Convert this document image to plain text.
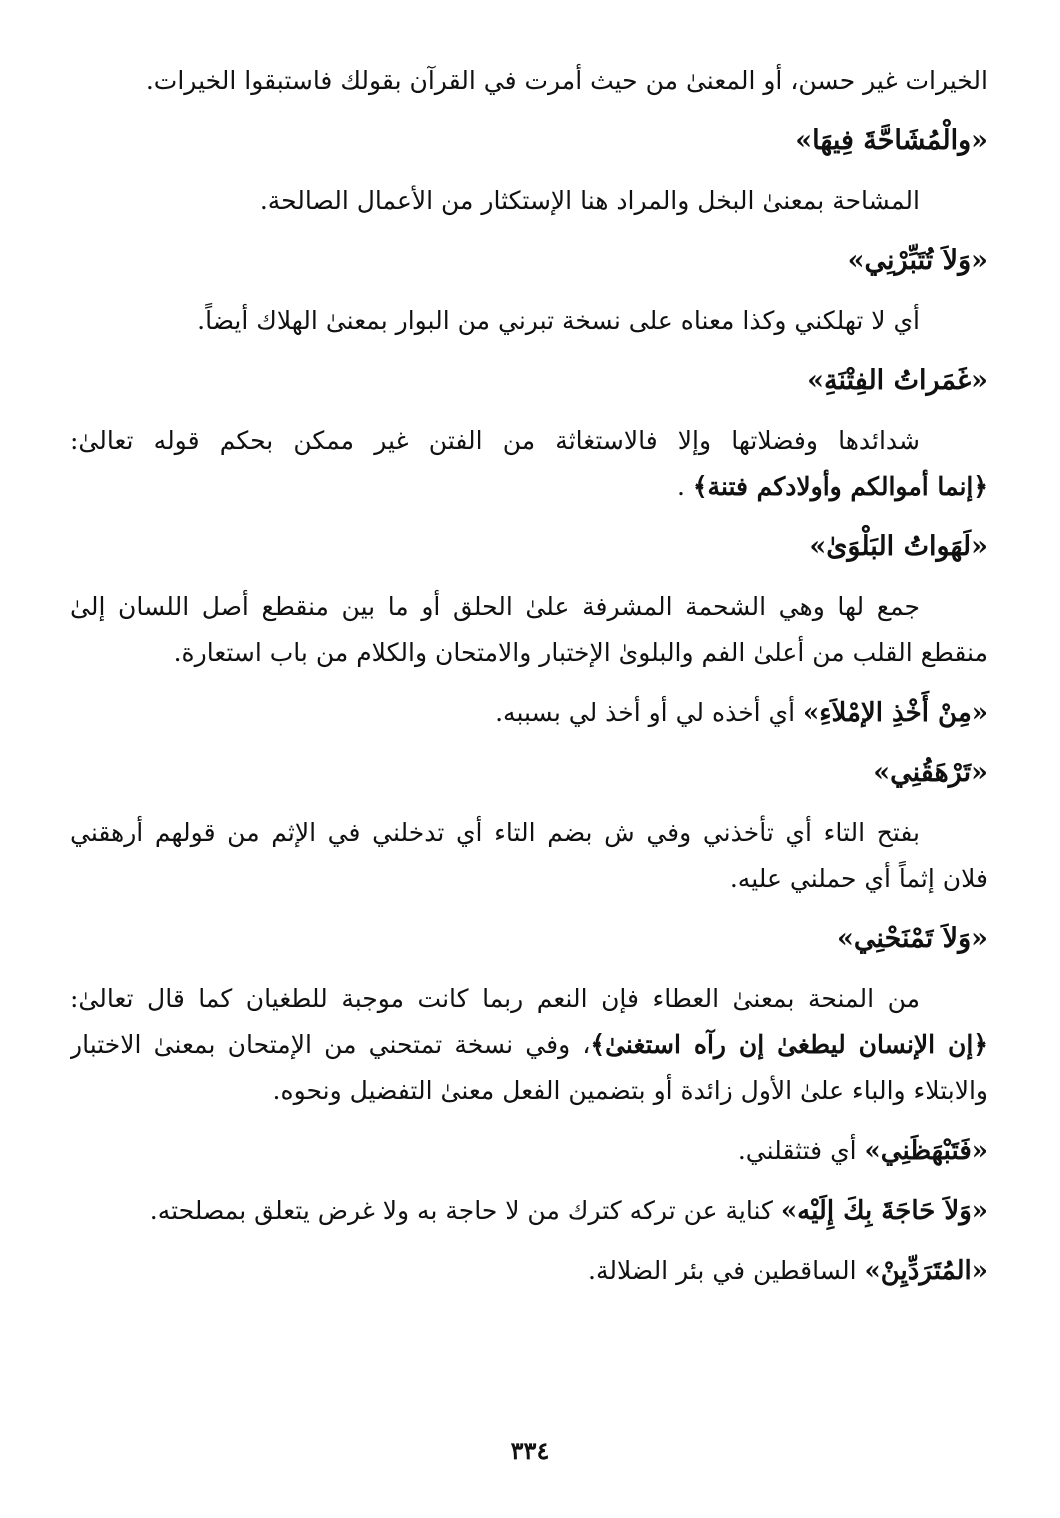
الخيرات غير حسن، أو المعنىٰ من حيث أمرت في القرآن بقولك فاستبقوا الخيرات.
«والْمُشَاحَّةَ فِيهَا»
المشاحة بمعنىٰ البخل والمراد هنا الإستكثار من الأعمال الصالحة.
«وَلاَ تُتَبِّرْنِي»
أي لا تهلكني وكذا معناه على نسخة تبرني من البوار بمعنىٰ الهلاك أيضاً.
«غَمَراتُ الفِتْنَةِ»
شدائدها وفضلاتها وإلا فالاستغاثة من الفتن غير ممكن بحكم قوله تعالىٰ:
﴿إنما أموالكم وأولادكم فتنة﴾ .
«لَهَواتُ البَلْوَىٰ»
جمع لها وهي الشحمة المشرفة علىٰ الحلق أو ما بين منقطع أصل اللسان إلىٰ
منقطع القلب من أعلىٰ الفم والبلوىٰ الإختبار والامتحان والكلام من باب استعارة.
«مِنْ أَخْذِ الإمْلاَءِ» أي أخذه لي أو أخذ لي بسببه.
«تَرْهَقُنِي»
بفتح التاء أي تأخذني وفي ش بضم التاء أي تدخلني في الإثم من قولهم أرهقني
فلان إثماً أي حملني عليه.
«وَلاَ تَمْنَحْنِي»
من المنحة بمعنىٰ العطاء فإن النعم ربما كانت موجبة للطغيان كما قال تعالىٰ:
﴿إن الإنسان ليطغىٰ إن رآه استغنىٰ﴾، وفي نسخة تمتحني من الإمتحان بمعنىٰ الاختبار
والابتلاء والباء علىٰ الأول زائدة أو بتضمين الفعل معنىٰ التفضيل ونحوه.
«فَتَبْهَظَنِي» أي فتثقلني.
«وَلاَ حَاجَةَ بِكَ إِلَيْه» كناية عن تركه كترك من لا حاجة به ولا غرض يتعلق بمصلحته.
«المُتَرَدِّيِنْ» الساقطين في بئر الضلالة.
٣٣٤
